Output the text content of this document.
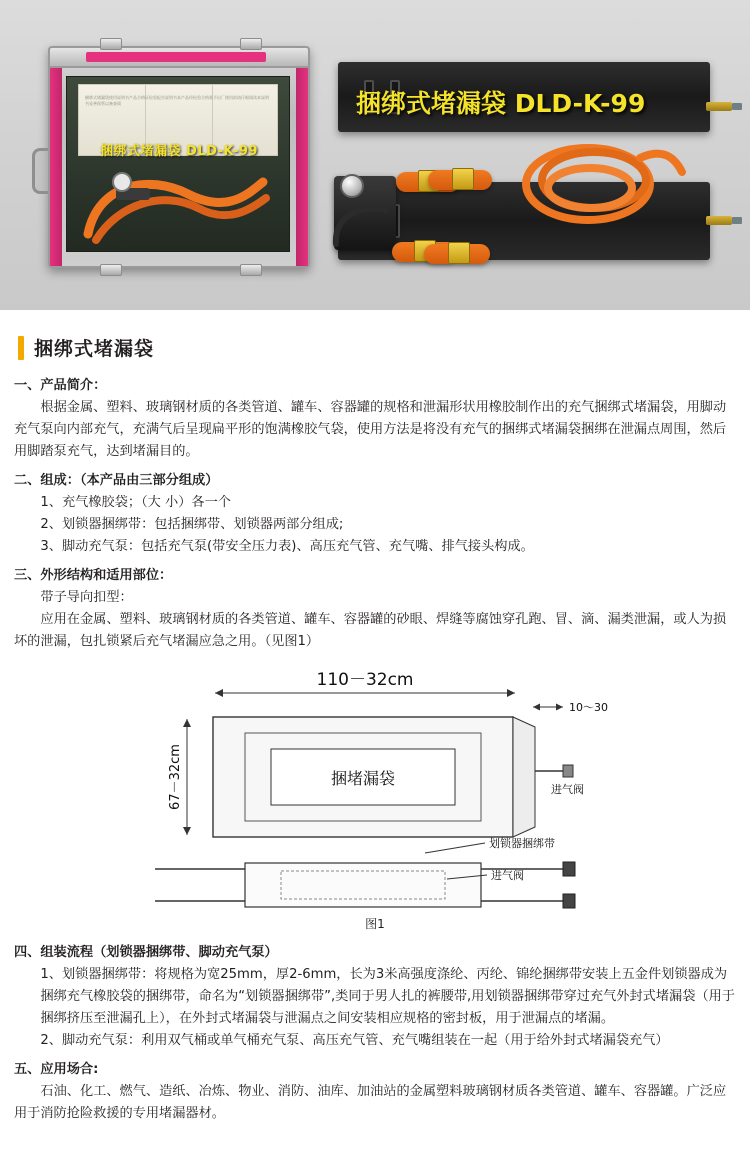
捆绑式堵漏袋使用说明书产品合格证检验报告说明书本产品经检验合格准予出厂使用前请仔细阅读本说明书妥善保管以备查阅
捆绑式堵漏袋 DLD-K-99
捆绑式堵漏袋 DLD-K-99
捆绑式堵漏袋

一、产品简介：

根据金属、塑料、玻璃钢材质的各类管道、罐车、容器罐的规格和泄漏形状用橡胶制作出的充气捆绑式堵漏袋，用脚动充气泵向内部充气，充满气后呈现扁平形的饱满橡胶气袋，使用方法是将没有充气的捆绑式堵漏袋捆绑在泄漏点周围，然后用脚踏泵充气，达到堵漏目的。

二、组成：（本产品由三部分组成）

1、充气橡胶袋；（大 小）各一个

2、划锁器捆绑带：包括捆绑带、划锁器两部分组成;

3、脚动充气泵：包括充气泵(带安全压力表)、高压充气管、充气嘴、排气接头构成。

三、外形结构和适用部位：

带子导向扣型：

应用在金属、塑料、玻璃钢材质的各类管道、罐车、容器罐的砂眼、焊缝等腐蚀穿孔跑、冒、滴、漏类泄漏，或人为损坏的泄漏，包扎锁紧后充气堵漏应急之用。（见图1）

110－32cm
10～30
67－32cm	捆堵漏袋
进气阀
划锁器捆绑带
进气阀
图1

四、组装流程（划锁器捆绑带、脚动充气泵）

1、划锁器捆绑带：将规格为宽25mm，厚2-6mm，长为3米高强度涤纶、丙纶、锦纶捆绑带安装上五金件划锁器成为捆绑充气橡胶袋的捆绑带，命名为“划锁器捆绑带”,类同于男人扎的裤腰带,用划锁器捆绑带穿过充气外封式堵漏袋（用于捆绑挤压至泄漏孔上），在外封式堵漏袋与泄漏点之间安装相应规格的密封板，用于泄漏点的堵漏。

2、脚动充气泵：利用双气桶或单气桶充气泵、高压充气管、充气嘴组装在一起（用于给外封式堵漏袋充气）

五、应用场合:

石油、化工、燃气、造纸、冶炼、物业、消防、油库、加油站的金属塑料玻璃钢材质各类管道、罐车、容器罐。广泛应用于消防抢险救援的专用堵漏器材。
